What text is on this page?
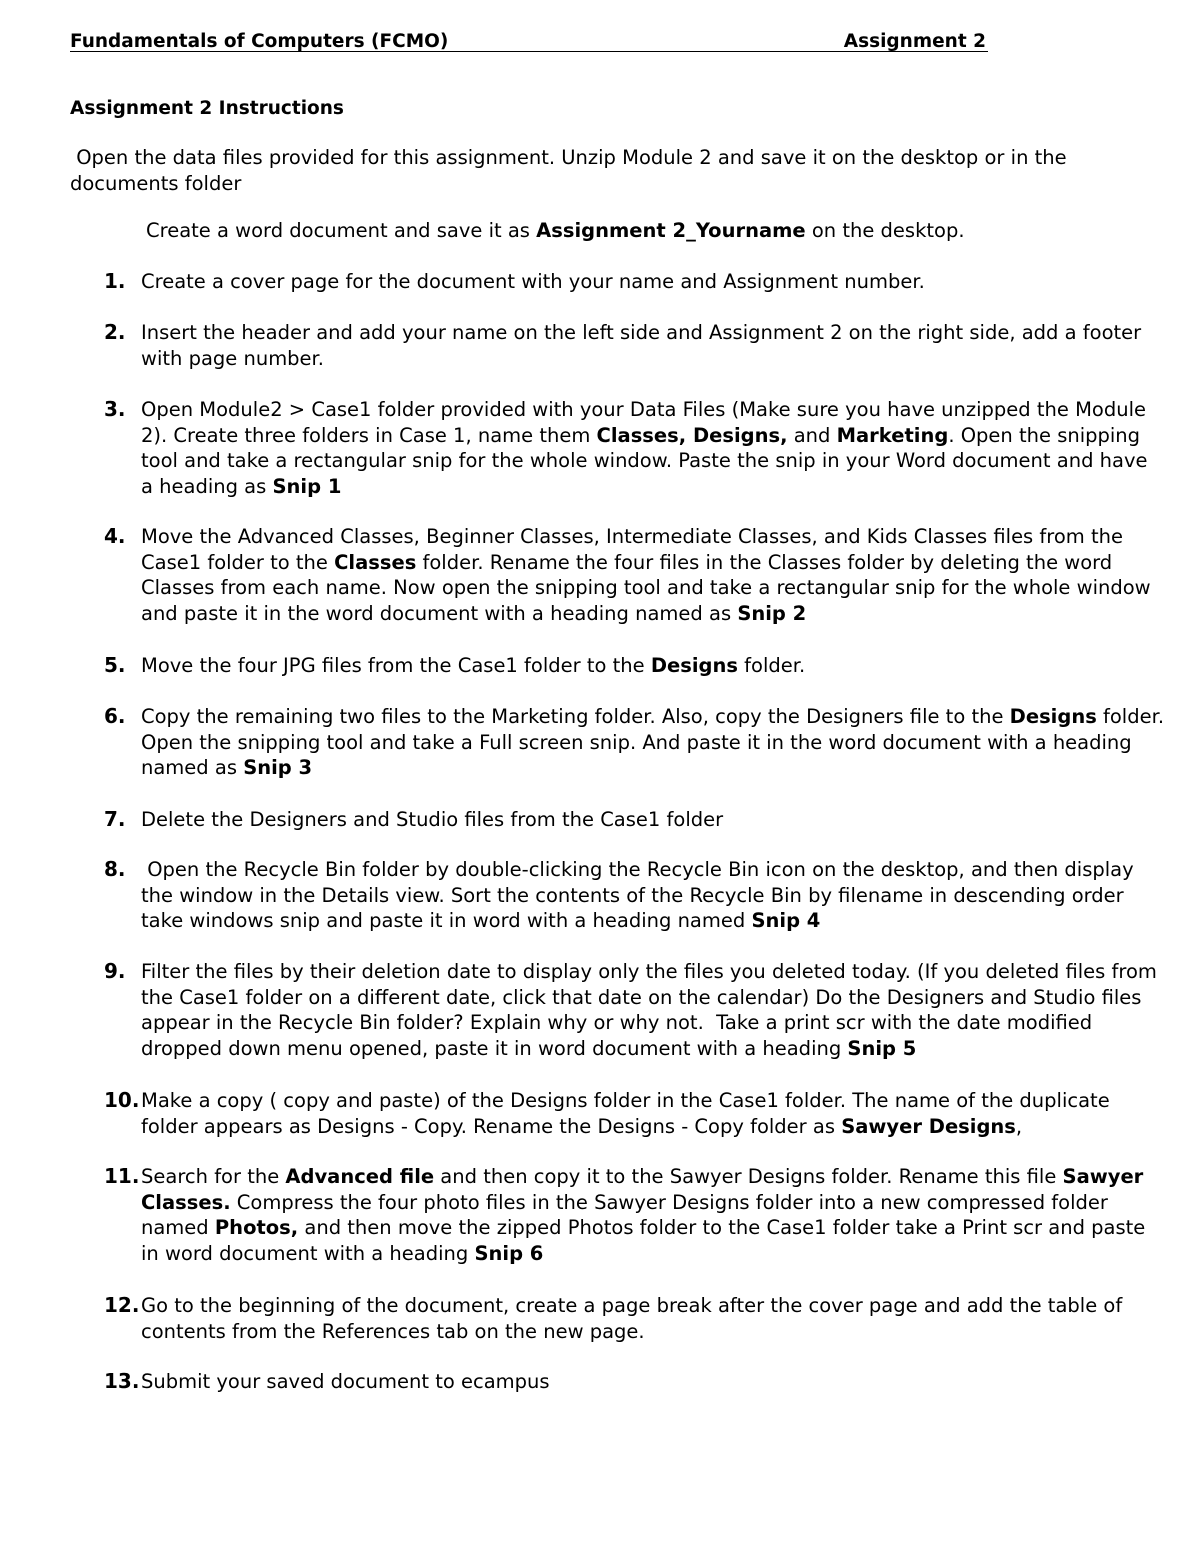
Fundamentals of Computers (FCMO)	Assignment 2
Assignment 2 Instructions
Open the data files provided for this assignment. Unzip Module 2 and save it on the desktop or in the
documents folder
Create a word document and save it as Assignment 2_Yourname on the desktop.
1. Create a cover page for the document with your name and Assignment number.

2. Insert the header and add your name on the left side and Assignment 2 on the right side, add a footer

with page number.

3. Open Module2 > Case1 folder provided with your Data Files (Make sure you have unzipped the Module

2). Create three folders in Case 1, name them Classes, Designs, and Marketing. Open the snipping

tool and take a rectangular snip for the whole window. Paste the snip in your Word document and have

a heading as Snip 1

4. Move the Advanced Classes, Beginner Classes, Intermediate Classes, and Kids Classes files from the

Case1 folder to the Classes folder. Rename the four files in the Classes folder by deleting the word

Classes from each name. Now open the snipping tool and take a rectangular snip for the whole window

and paste it in the word document with a heading named as Snip 2

5. Move the four JPG files from the Case1 folder to the Designs folder.

6. Copy the remaining two files to the Marketing folder. Also, copy the Designers file to the Designs folder.

Open the snipping tool and take a Full screen snip. And paste it in the word document with a heading

named as Snip 3

7. Delete the Designers and Studio files from the Case1 folder

8. Open the Recycle Bin folder by double-clicking the Recycle Bin icon on the desktop, and then display

the window in the Details view. Sort the contents of the Recycle Bin by filename in descending order

take windows snip and paste it in word with a heading named Snip 4

9. Filter the files by their deletion date to display only the files you deleted today. (If you deleted files from

the Case1 folder on a different date, click that date on the calendar) Do the Designers and Studio files

appear in the Recycle Bin folder? Explain why or why not.  Take a print scr with the date modified

dropped down menu opened, paste it in word document with a heading Snip 5

10. Make a copy ( copy and paste) of the Designs folder in the Case1 folder. The name of the duplicate

folder appears as Designs - Copy. Rename the Designs - Copy folder as Sawyer Designs,

11. Search for the Advanced file and then copy it to the Sawyer Designs folder. Rename this file Sawyer

Classes. Compress the four photo files in the Sawyer Designs folder into a new compressed folder

named Photos, and then move the zipped Photos folder to the Case1 folder take a Print scr and paste

in word document with a heading Snip 6

12. Go to the beginning of the document, create a page break after the cover page and add the table of

contents from the References tab on the new page.

13. Submit your saved document to ecampus
